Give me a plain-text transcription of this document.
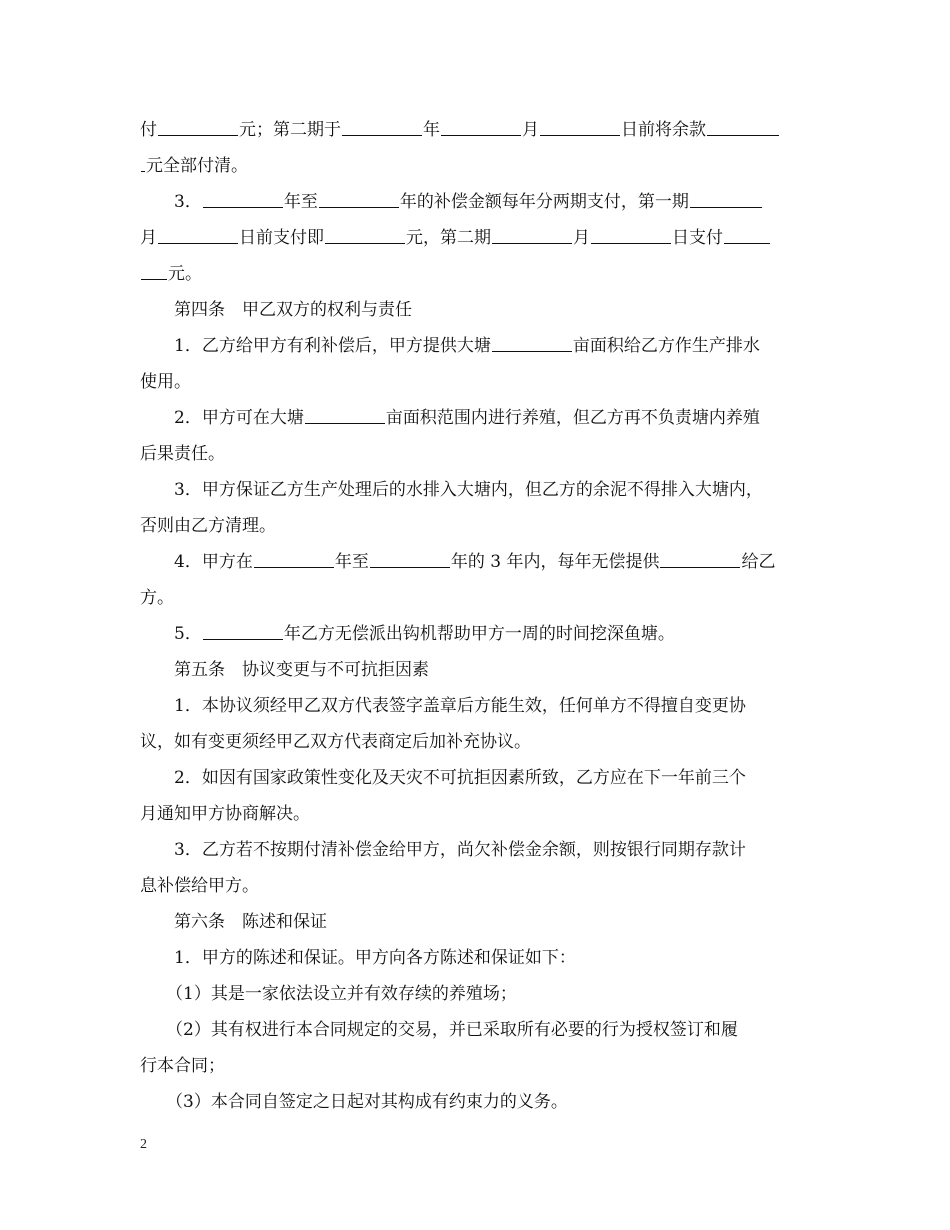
付	元；第二期于	年	月	日前将余款
元全部付清。
3．	年至	年的补偿金额每年分两期支付，第一期
月	日前支付即	元，第二期	月	日支付
元。
第四条　甲乙双方的权利与责任
1．乙方给甲方有利补偿后，甲方提供大塘	亩面积给乙方作生产排水
使用。
2．甲方可在大塘	亩面积范围内进行养殖，但乙方再不负责塘内养殖
后果责任。
3．甲方保证乙方生产处理后的水排入大塘内，但乙方的余泥不得排入大塘内，
否则由乙方清理。
4．甲方在	年至	年的 3 年内，每年无偿提供	给乙
方。
5．	年乙方无偿派出钩机帮助甲方一周的时间挖深鱼塘。
第五条　协议变更与不可抗拒因素
1．本协议须经甲乙双方代表签字盖章后方能生效，任何单方不得擅自变更协
议，如有变更须经甲乙双方代表商定后加补充协议。
2．如因有国家政策性变化及天灾不可抗拒因素所致，乙方应在下一年前三个
月通知甲方协商解决。
3．乙方若不按期付清补偿金给甲方，尚欠补偿金余额，则按银行同期存款计
息补偿给甲方。
第六条　陈述和保证
1．甲方的陈述和保证。甲方向各方陈述和保证如下：
（1）其是一家依法设立并有效存续的养殖场；
（2）其有权进行本合同规定的交易，并已采取所有必要的行为授权签订和履
行本合同；
（3）本合同自签定之日起对其构成有约束力的义务。
2
